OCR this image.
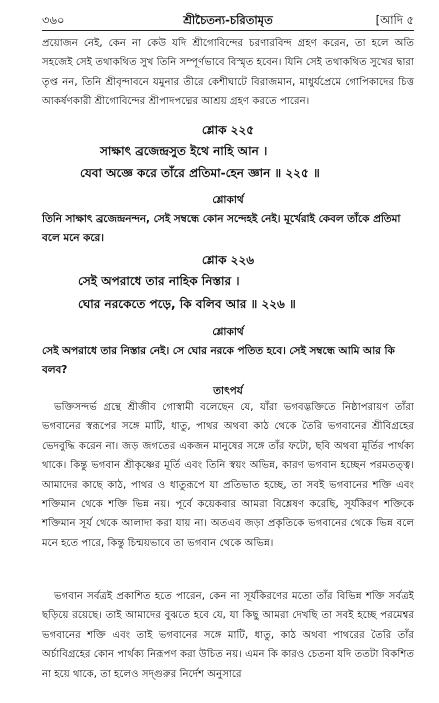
৩৬০	শ্রীচৈতন্য-চরিতামৃত	[আদি ৫

প্রয়োজন নেই, কেন না কেউ যদি শ্রীগোবিন্দের চরণারবিন্দ গ্রহণ করেন, তা হলে অতি সহজেই সেই তথাকথিত সুখ তিনি সম্পূর্ণভাবে বিস্মৃত হবেন। যিনি সেই তথাকথিত সুখের দ্বারা তৃপ্ত নন, তিনি শ্রীবৃন্দাবনে যমুনার তীরে কেশীঘাটে বিরাজমান, মাধুর্যপ্রেমে গোপিকাদের চিত্ত আকর্ষণকারী শ্রীগোবিন্দের শ্রীপাদপদ্মের আশ্রয় গ্রহণ করতে পারেন।

শ্লোক ২২৫

সাক্ষাৎ ব্রজেন্দ্রসুত ইথে নাহি আন ।

যেবা অজ্ঞে করে তাঁরে প্রতিমা-হেন জ্ঞান ॥ ২২৫ ॥

শ্লোকার্থ

তিনি সাক্ষাৎ ব্রজেন্দ্রনন্দন, সেই সম্বন্ধে কোন সন্দেহই নেই। মূর্খেরাই কেবল তাঁকে প্রতিমা বলে মনে করে।

শ্লোক ২২৬

সেই অপরাধে তার নাহিক নিস্তার ।

ঘোর নরকেতে পড়ে, কি বলিব আর ॥ ২২৬ ॥

শ্লোকার্থ

সেই অপরাধে তার নিস্তার নেই। সে ঘোর নরকে পতিত হবে। সেই সম্বন্ধে আমি আর কি বলব?

তাৎপর্য

ভক্তিসন্দর্ভ গ্রন্থে শ্রীজীব গোস্বামী বলেছেন যে, যাঁরা ভগবদ্ভক্তিতে নিষ্ঠাপরায়ণ তাঁরা ভগবানের স্বরূপের সঙ্গে মাটি, ধাতু, পাথর অথবা কাঠ থেকে তৈরি ভগবানের শ্রীবিগ্রহের ভেদবুদ্ধি করেন না। জড় জগতের একজন মানুষের সঙ্গে তাঁর ফটো, ছবি অথবা মূর্তির পার্থক্য থাকে। কিন্তু ভগবান শ্রীকৃষ্ণের মূর্তি এবং তিনি স্বয়ং অভিন্ন, কারণ ভগবান হচ্ছেন পরমতত্ত্ব। আমাদের কাছে কাঠ, পাথর ও ধাতুরূপে যা প্রতিভাত হচ্ছে, তা সবই ভগবানের শক্তি এবং শক্তিমান থেকে শক্তি ভিন্ন নয়। পূর্বে কয়েকবার আমরা বিশ্লেষণ করেছি, সূর্যকিরণ শক্তিকে শক্তিমান সূর্য থেকে আলাদা করা যায় না। অতএব জড়া প্রকৃতিকে ভগবানের থেকে ভিন্ন বলে মনে হতে পারে, কিন্তু চিন্ময়ভাবে তা ভগবান থেকে অভিন্ন।

ভগবান সর্বত্রই প্রকাশিত হতে পারেন, কেন না সূর্যকিরণের মতো তাঁর বিভিন্ন শক্তি সর্বত্রই ছড়িয়ে রয়েছে। তাই আমাদের বুঝতে হবে যে, যা কিছু আমরা দেখছি তা সবই হচ্ছে পরমেশ্বর ভগবানের শক্তি এবং তাই ভগবানের সঙ্গে মাটি, ধাতু, কাঠ অথবা পাথরের তৈরি তাঁর অর্চাবিগ্রহের কোন পার্থক্য নিরূপণ করা উচিত নয়। এমন কি কারও চেতনা যদি ততটা বিকশিত না হয়ে থাকে, তা হলেও সদ্গুরুর নির্দেশ অনুসারে
